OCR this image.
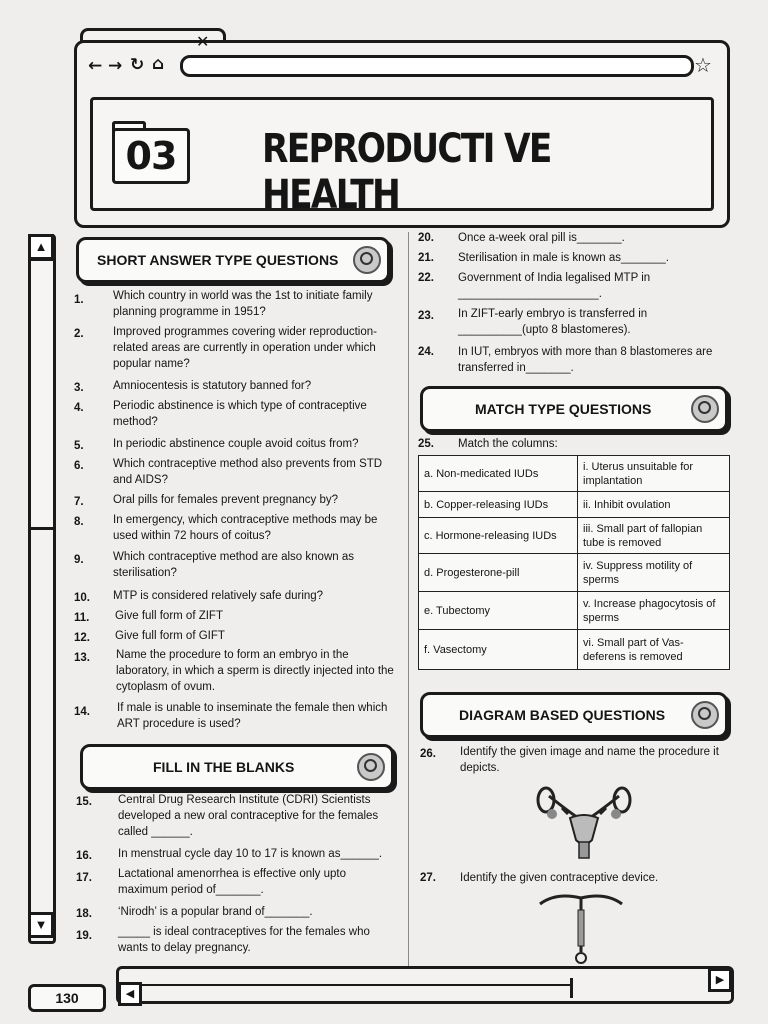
✕
← → ↻ ⌂	☆
03	REPRODUCTI VE HEALTH
▲
▼
SHORT ANSWER TYPE QUESTIONS
FILL IN THE BLANKS
MATCH TYPE QUESTIONS
DIAGRAM BASED QUESTIONS
1.	Which country in world was the 1st to initiate family planning programme in 1951?
2.	Improved programmes covering wider reproduction-related areas are currently in operation under which popular name?
3.	Amniocentesis is statutory banned for?
4.	Periodic abstinence is which type of contraceptive method?
5.	In periodic abstinence couple avoid coitus from?
6.	Which contraceptive method also prevents from STD and AIDS?
7.	Oral pills for females prevent pregnancy by?
8.	In emergency, which contraceptive methods may be used within 72 hours of coitus?
9.	Which contraceptive method are also known as sterilisation?
10. MTP is considered relatively safe during?
11. Give full form of ZIFT
12. Give full form of GIFT
13. Name the procedure to form an embryo in the laboratory, in which a sperm is directly injected into the cytoplasm of ovum.
14. If male is unable to inseminate the female then which ART procedure is used?
15. Central Drug Research Institute (CDRI) Scientists developed a new oral contraceptive for the females called ______.
16. In menstrual cycle day 10 to 17 is known as______.
17. Lactational amenorrhea is effective only upto maximum period of_______.
18. ‘Nirodh’ is a popular brand of_______.
19. _____ is ideal contraceptives for the females who wants to delay pregnancy.
20. Once a-week oral pill is_______.
21. Sterilisation in male is known as_______.
22. Government of India legalised MTP in ______________________.
23. In ZIFT-early embryo is transferred in __________(upto 8 blastomeres).
24. In IUT, embryos with more than 8 blastomeres are transferred in_______.
25. Match the columns:
a. Non-medicated IUDs	i. Uterus unsuitable for implantation
b. Copper-releasing IUDs	ii. Inhibit ovulation
c. Hormone-releasing IUDs	iii. Small part of fallopian tube is removed
d. Progesterone-pill	iv. Suppress motility of sperms
e. Tubectomy	v. Increase phagocytosis of sperms
f. Vasectomy	vi. Small part of Vas-deferens is removed
26. Identify the given image and name the procedure it depicts.
27. Identify the given contraceptive device.
130	◀
▶
